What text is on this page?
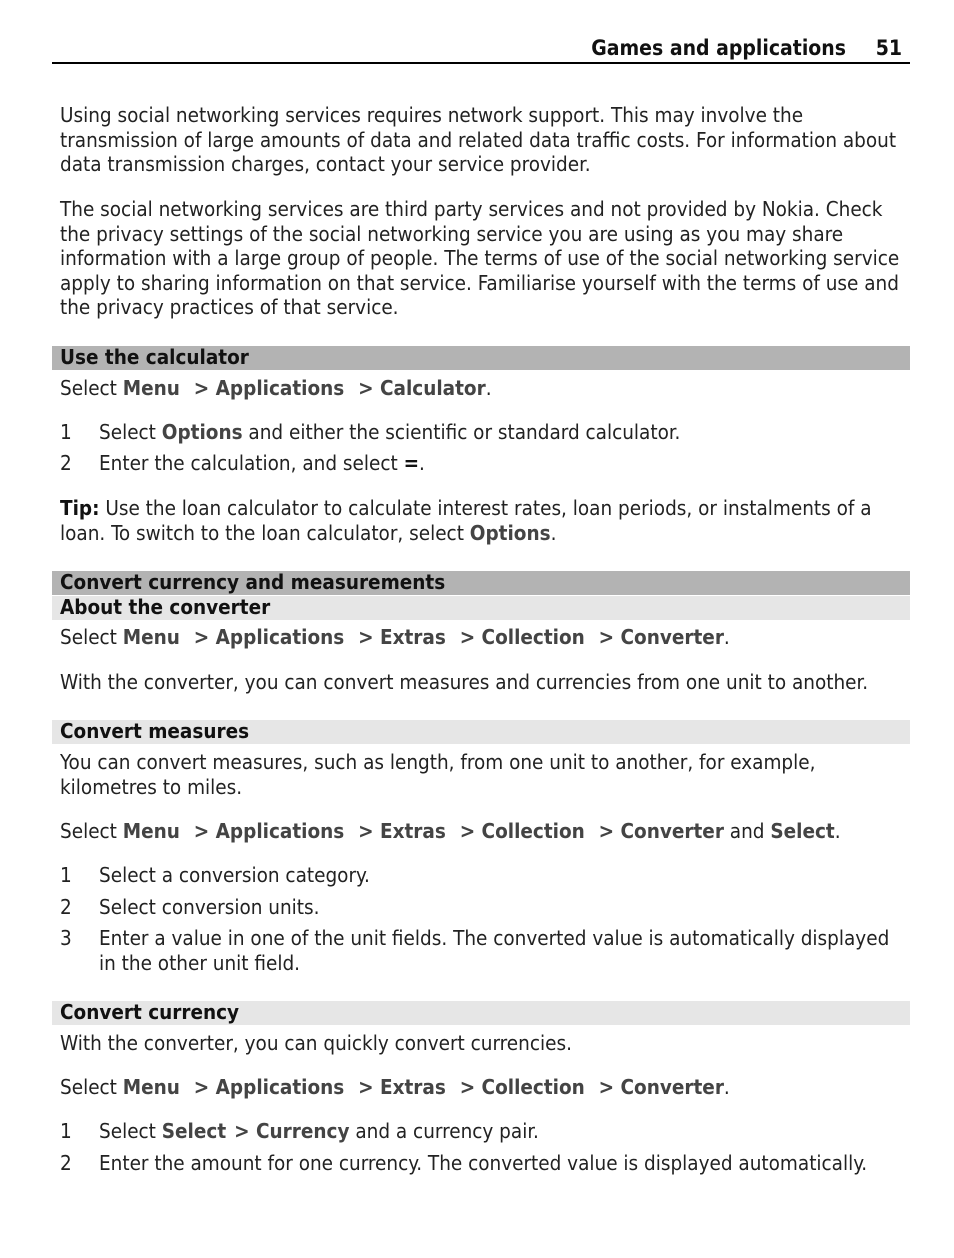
Games and applications 51
Using social networking services requires network support. This may involve the transmission of large amounts of data and related data traffic costs. For information about data transmission charges, contact your service provider.
The social networking services are third party services and not provided by Nokia. Check the privacy settings of the social networking service you are using as you may share information with a large group of people. The terms of use of the social networking service apply to sharing information on that service. Familiarise yourself with the terms of use and the privacy practices of that service.
Use the calculator
Select Menu > Applications > Calculator.
1 Select Options and either the scientific or standard calculator.
2 Enter the calculation, and select =.
Tip: Use the loan calculator to calculate interest rates, loan periods, or instalments of a loan. To switch to the loan calculator, select Options.
Convert currency and measurements
About the converter
Select Menu > Applications > Extras > Collection > Converter.
With the converter, you can convert measures and currencies from one unit to another.
Convert measures
You can convert measures, such as length, from one unit to another, for example, kilometres to miles.
Select Menu > Applications > Extras > Collection > Converter and Select.
1 Select a conversion category.
2 Select conversion units.
3 Enter a value in one of the unit fields. The converted value is automatically displayed in the other unit field.
Convert currency
With the converter, you can quickly convert currencies.
Select Menu > Applications > Extras > Collection > Converter.
1 Select Select > Currency and a currency pair.
2 Enter the amount for one currency. The converted value is displayed automatically.
